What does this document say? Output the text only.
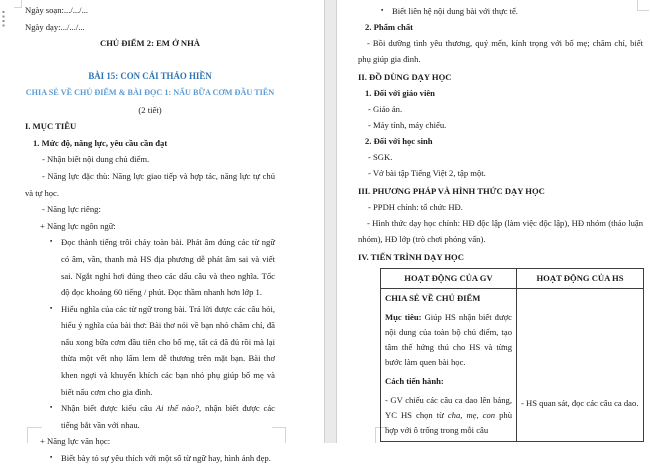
Ngày soạn:.../.../...

Ngày dạy:.../.../...

CHỦ ĐIỂM 2: EM Ở NHÀ

BÀI 15: CON CÁI THẢO HIỀN

CHIA SẺ VỀ CHỦ ĐIỂM & BÀI ĐỌC 1: NẤU BỮA CƠM ĐẦU TIÊN

(2 tiết)

I. MỤC TIÊU

1. Mức độ, năng lực, yêu cầu cần đạt

- Nhận biết nội dung chủ điểm.

- Năng lực đặc thù: Năng lực giao tiếp và hợp tác, năng lực tự chủ và tự học.

- Năng lực riêng:

+ Năng lực ngôn ngữ:

▪ Đọc thành tiếng trôi chảy toàn bài. Phát âm đúng các từ ngữ có âm, vần, thanh mà HS địa phương dễ phát âm sai và viết sai. Ngắt nghỉ hơi đúng theo các dấu câu và theo nghĩa. Tốc độ đọc khoảng 60 tiếng / phút. Đọc thầm nhanh hơn lớp 1.
▪ Hiểu nghĩa của các từ ngữ trong bài. Trả lời được các câu hỏi, hiểu ý nghĩa của bài thơ: Bài thơ nói về bạn nhỏ chăm chỉ, đã nấu xong bữa cơm đầu tiên cho bố mẹ, tất cả đã đủ rồi mà lại thừa một vết nhọ lấm lem dễ thương trên mặt bạn. Bài thơ khen ngợi và khuyến khích các bạn nhỏ phụ giúp bố mẹ và biết nấu cơm cho gia đình.
▪ Nhận biết được kiểu câu Ai thế nào?, nhận biết được các tiếng bắt vần với nhau.

+ Năng lực văn học:

▪ Biết bày tỏ sự yêu thích với một số từ ngữ hay, hình ảnh đẹp.
▪ Biết liên hệ nội dung bài với thực tế.

2. Phẩm chất

- Bồi dưỡng tình yêu thương, quý mến, kính trọng với bố mẹ; chăm chỉ, biết phụ giúp gia đình.

II. ĐỒ DÙNG DẠY HỌC

1. Đối với giáo viên

- Giáo án.

- Máy tính, máy chiếu.

2. Đối với học sinh

- SGK.

- Vở bài tập Tiếng Việt 2, tập một.

III. PHƯƠNG PHÁP VÀ HÌNH THỨC DẠY HỌC

- PPDH chính: tổ chức HĐ.

- Hình thức dạy học chính: HĐ độc lập (làm việc độc lập), HĐ nhóm (thảo luận nhóm), HĐ lớp (trò chơi phỏng vấn).

IV. TIẾN TRÌNH DẠY HỌC

HOẠT ĐỘNG CỦA GV	HOẠT ĐỘNG CỦA HS

CHIA SẺ VỀ CHỦ ĐIỂM

Mục tiêu: Giúp HS nhận biết được nội dung của toàn bộ chủ điểm, tạo tâm thế hứng thú cho HS và từng bước làm quen bài học.

Cách tiến hành:

- GV chiếu các câu ca dao lên bảng, YC HS chọn từ cha, mẹ, con phù hợp với ô trống trong mỗi câu	- HS quan sát, đọc các câu ca dao.
